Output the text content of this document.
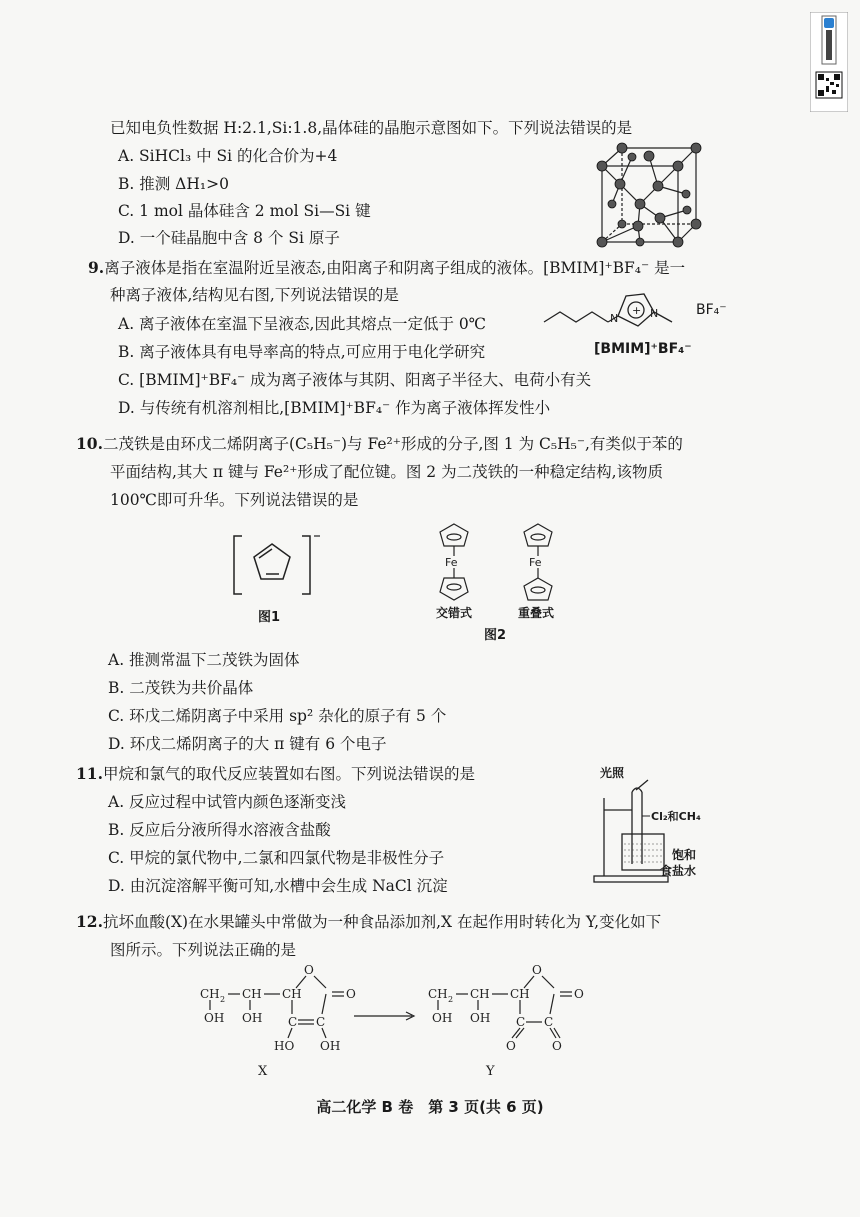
已知电负性数据 H:2.1,Si:1.8,晶体硅的晶胞示意图如下。下列说法错误的是
A. SiHCl₃ 中 Si 的化合价为+4
B. 推测 ΔH₁>0
C. 1 mol 晶体硅含 2 mol Si—Si 键
D. 一个硅晶胞中含 8 个 Si 原子
9.离子液体是指在室温附近呈液态,由阳离子和阴离子组成的液体。[BMIM]⁺BF₄⁻ 是一
种离子液体,结构见右图,下列说法错误的是
A. 离子液体在室温下呈液态,因此其熔点一定低于 0℃
B. 离子液体具有电导率高的特点,可应用于电化学研究
C. [BMIM]⁺BF₄⁻ 成为离子液体与其阴、阳离子半径大、电荷小有关
D. 与传统有机溶剂相比,[BMIM]⁺BF₄⁻ 作为离子液体挥发性小
+
N	N	BF₄⁻
[BMIM]⁺BF₄⁻
10.二茂铁是由环戊二烯阴离子(C₅H₅⁻)与 Fe²⁺形成的分子,图 1 为 C₅H₅⁻,有类似于苯的
平面结构,其大 π 键与 Fe²⁺形成了配位键。图 2 为二茂铁的一种稳定结构,该物质
100℃即可升华。下列说法错误的是
图1
Fe	Fe
交错式	重叠式
图2
A. 推测常温下二茂铁为固体
B. 二茂铁为共价晶体
C. 环戊二烯阴离子中采用 sp² 杂化的原子有 5 个
D. 环戊二烯阴离子的大 π 键有 6 个电子
11.甲烷和氯气的取代反应装置如右图。下列说法错误的是
A. 反应过程中试管内颜色逐渐变浅
B. 反应后分液所得水溶液含盐酸
C. 甲烷的氯代物中,二氯和四氯代物是非极性分子
D. 由沉淀溶解平衡可知,水槽中会生成 NaCl 沉淀
光照
Cl₂和CH₄
饱和
食盐水
12.抗坏血酸(X)在水果罐头中常做为一种食品添加剂,X 在起作用时转化为 Y,变化如下
图所示。下列说法正确的是
CH 2 CH CH
O
O
OH OH C C
HO OH
CH 2 CH CH
O
O
OH OH C C
O	O
X	Y
高二化学 B 卷　第 3 页(共 6 页)
